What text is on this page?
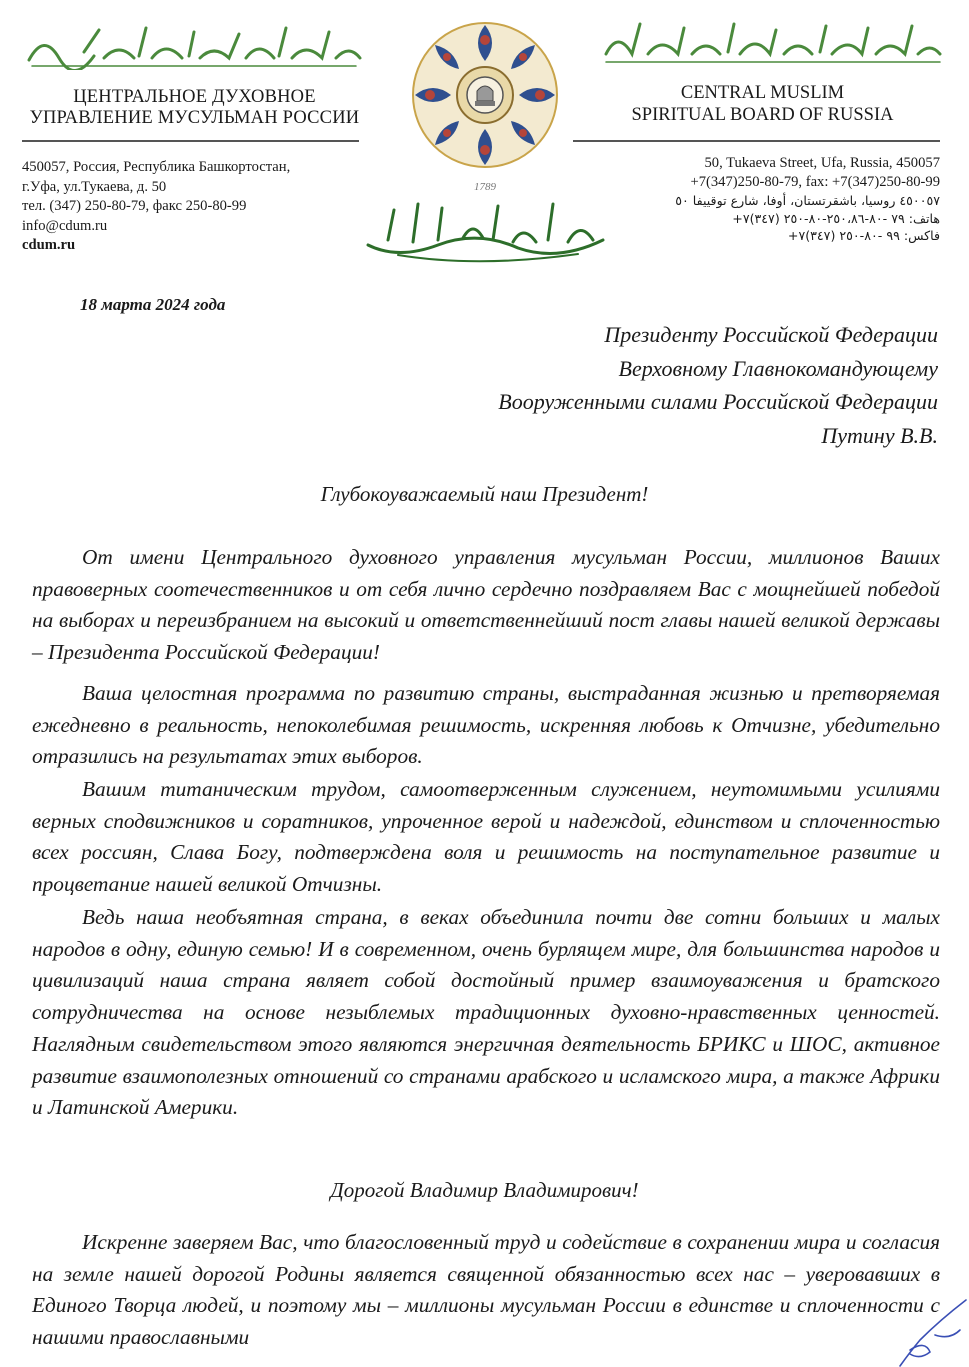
ЦЕНТРАЛЬНОЕ ДУХОВНОЕ
УПРАВЛЕНИЕ МУСУЛЬМАН РОССИИ
CENTRAL MUSLIM
SPIRITUAL BOARD OF RUSSIA
450057, Россия, Республика Башкортостан,
г.Уфа, ул.Тукаева, д. 50
тел. (347) 250-80-79, факс 250-80-99
info@cdum.ru
cdum.ru
50, Tukaeva Street, Ufa, Russia, 450057
+7(347)250-80-79, fax: +7(347)250-80-99
٤٥٠٠٥٧ روسيا، باشقرتستان، أوفا، شارع توقييفا ٥٠
هاتف: ٧٩ -٨٠-٢٥٠،٨٦-٨٠-٢٥٠ (٣٤٧)٧+
فاكس: ٩٩ -٨٠-٢٥٠ (٣٤٧)٧+
1789
18 марта 2024 года
Президенту Российской Федерации
Верховному Главнокомандующему
Вооруженными силами Российской Федерации
Путину В.В.
Глубокоуважаемый наш Президент!
От имени Центрального духовного управления мусульман России, миллионов Ваших правоверных соотечественников и от себя лично сердечно поздравляем Вас с мощнейшей победой на выборах и переизбранием на высокий и ответственнейший пост главы нашей великой державы – Президента Российской Федерации!
Ваша целостная программа по развитию страны, выстраданная жизнью и претворяемая ежедневно в реальность, непоколебимая решимость, искренняя любовь к Отчизне, убедительно отразились на результатах этих выборов.
Вашим титаническим трудом, самоотверженным служением, неутомимыми усилиями верных сподвижников и соратников, упроченное верой и надеждой, единством и сплоченностью всех россиян, Слава Богу, подтверждена воля и решимость на поступательное развитие и процветание нашей великой Отчизны.
Ведь наша необъятная страна, в веках объединила почти две сотни больших и малых народов в одну, единую семью! И в современном, очень бурлящем мире, для большинства народов и цивилизаций наша страна являет собой достойный пример взаимоуважения и братского сотрудничества на основе незыблемых традиционных духовно-нравственных ценностей. Наглядным свидетельством этого являются энергичная деятельность БРИКС и ШОС, активное развитие взаимополезных отношений со странами арабского и исламского мира, а также Африки и Латинской Америки.
Дорогой Владимир Владимирович!
Искренне заверяем Вас, что благословенный труд и содействие в сохранении мира и согласия на земле нашей дорогой Родины является священной обязанностью всех нас – уверовавших в Единого Творца людей, и поэтому мы – миллионы мусульман России в единстве и сплоченности с нашими православными
